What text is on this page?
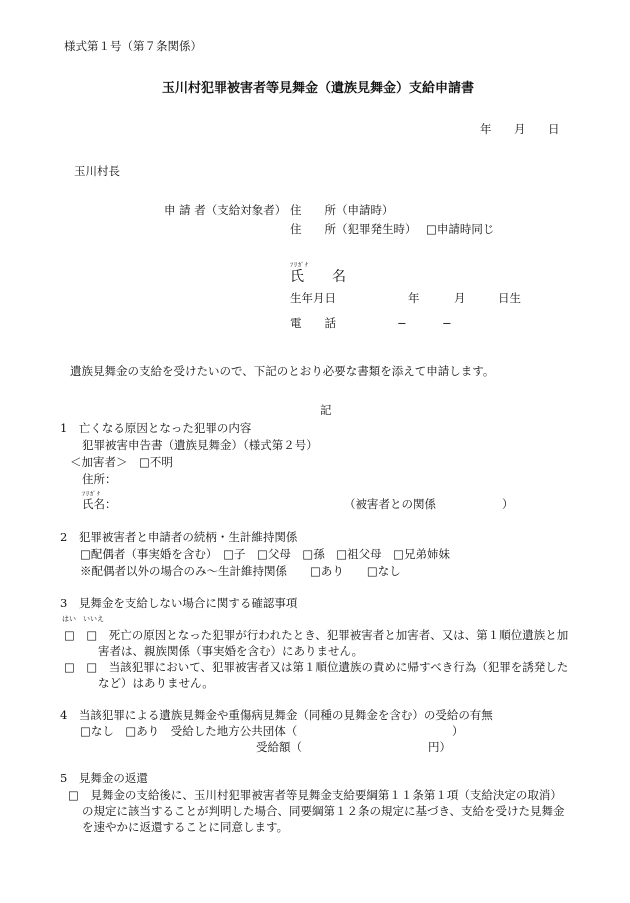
様式第１号（第７条関係）
玉川村犯罪被害者等見舞金（遺族見舞金）支給申請書
年 月 日
玉川村長
申 請 者（支給対象者） 住　　所（申請時）
住　　所（犯罪発生時） □申請時同じ
ﾌﾘｶﾞﾅ
氏　　名
生年月日	年	月	日生
電　　話	−	−
遺族見舞金の支給を受けたいので、下記のとおり必要な書類を添えて申請します。
記
1　亡くなる原因となった犯罪の内容
犯罪被害申告書（遺族見舞金）（様式第２号）
＜加害者＞　□不明
住所：
ﾌﾘｶﾞﾅ
氏名：	（被害者との関係	）
2　犯罪被害者と申請者の続柄・生計維持関係
□配偶者（事実婚を含む）　□子　□父母　□孫　□祖父母　□兄弟姉妹
※配偶者以外の場合のみ〜生計維持関係　　□あり　　□なし
3　見舞金を支給しない場合に関する確認事項
はい　いいえ
□　□　死亡の原因となった犯罪が行われたとき、犯罪被害者と加害者、又は、第１順位遺族と加
害者は、親族関係（事実婚を含む）にありません。
□　□　当該犯罪において、犯罪被害者又は第１順位遺族の責めに帰すべき行為（犯罪を誘発した
など）はありません。
4　当該犯罪による遺族見舞金や重傷病見舞金（同種の見舞金を含む）の受給の有無
□なし　□あり　受給した地方公共団体（	）
受給額（	円）
5　見舞金の返還
□　見舞金の支給後に、玉川村犯罪被害者等見舞金支給要綱第１１条第１項（支給決定の取消）
の規定に該当することが判明した場合、同要綱第１２条の規定に基づき、支給を受けた見舞金
を速やかに返還することに同意します。
